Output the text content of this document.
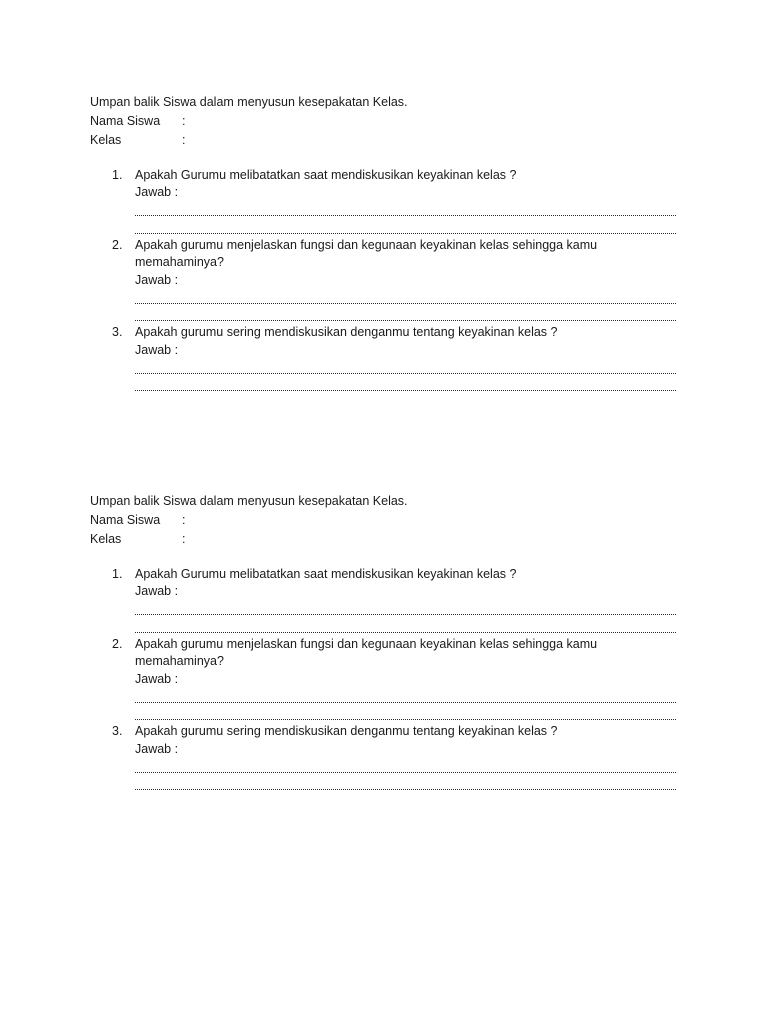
Umpan balik Siswa dalam menyusun kesepakatan Kelas.
Nama Siswa	:
Kelas	:
1. Apakah Gurumu melibatatkan saat mendiskusikan keyakinan kelas ?
Jawab :
2. Apakah gurumu menjelaskan fungsi dan kegunaan keyakinan kelas sehingga kamu memahaminya?
Jawab :
3. Apakah gurumu sering mendiskusikan denganmu tentang keyakinan kelas ?
Jawab :
Umpan balik Siswa dalam menyusun kesepakatan Kelas.
Nama Siswa	:
Kelas	:
1. Apakah Gurumu melibatatkan saat mendiskusikan keyakinan kelas ?
Jawab :
2. Apakah gurumu menjelaskan fungsi dan kegunaan keyakinan kelas sehingga kamu memahaminya?
Jawab :
3. Apakah gurumu sering mendiskusikan denganmu tentang keyakinan kelas ?
Jawab :
